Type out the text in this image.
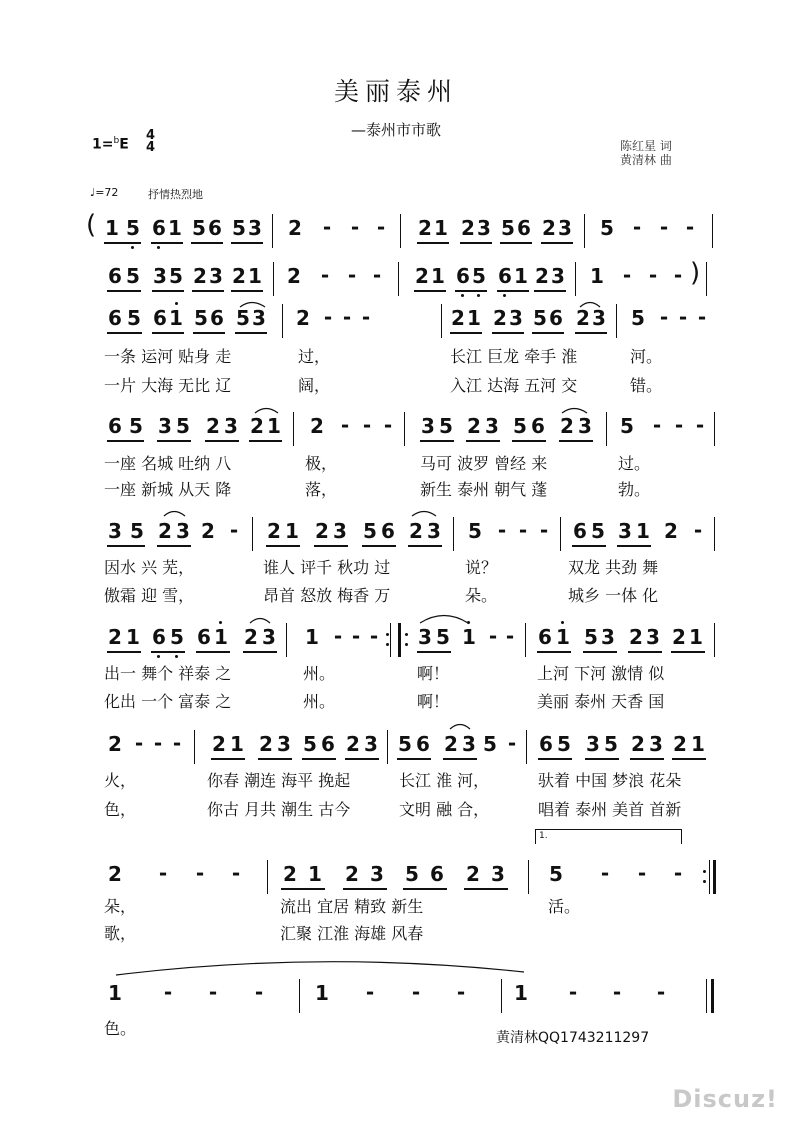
美丽泰州
—泰州市市歌
1=$^b$E
4
4	陈红星 词
黄清林 曲
♩=72	抒情热烈地
( 1 5 6 1 5 6 5 3 2 - - - 2 1 2 3 5 6 2 3 5 - - -
6 5 3 5 2 3 2 1 2 - - - 2 1 6 5 6 1 2 3 1 - - - )
6 5 6 1 5 6 5 3 2 - - -	2 1 2 3 5 6 2 3 5 - - -
一条 运河 贴身 走	过，	长江 巨龙 牵手 淮	河。
一片 大海 无比 辽	阔，	入江 达海 五河 交	错。
6 5 3 5 2 3 2 1 2 - - - 3 5 2 3 5 6 2 3 5 - - -
一座 名城 吐纳 八	极，	马可 波罗 曾经 来	过。
一座 新城 从天 降	落，	新生 泰州 朝气 蓬	勃。
3 5 2 3 2 - 2 1 2 3 5 6 2 3 5 - - - 6 5 3 1 2 -
因水 兴 芜，	谁人 评千 秋功 过	说？	双龙 共劲 舞
傲霜 迎 雪，	昂首 怒放 梅香 万	朵。	城乡 一体 化
2 1 6 5 6 1 2 3 1 - - - 3 5 1 - - 6 1 5 3 2 3 2 1
出一 舞个 祥泰 之	州。	啊！	上河 下河 激情 似
化出 一个 富泰 之	州。	啊！	美丽 泰州 天香 国
2 - - - 2 1 2 3 5 6 2 3 5 6 2 3 5 - 6 5 3 5 2 3 2 1
火，	你春 潮连 海平 挽起	长江 淮 河，	驮着 中国 梦浪 花朵
色，	你古 月共 潮生 古今	文明 融 合，	唱着 泰州 美首 首新
1.
2 - - - 2 1 2 3 5 6 2 3 5 - - -
朵，	流出 宜居 精致 新生	活。
歌，	汇聚 江淮 海雄 风春
1 - - -	1 - - - 1 - - -
色。	黄清林QQ1743211297
Discuz!
